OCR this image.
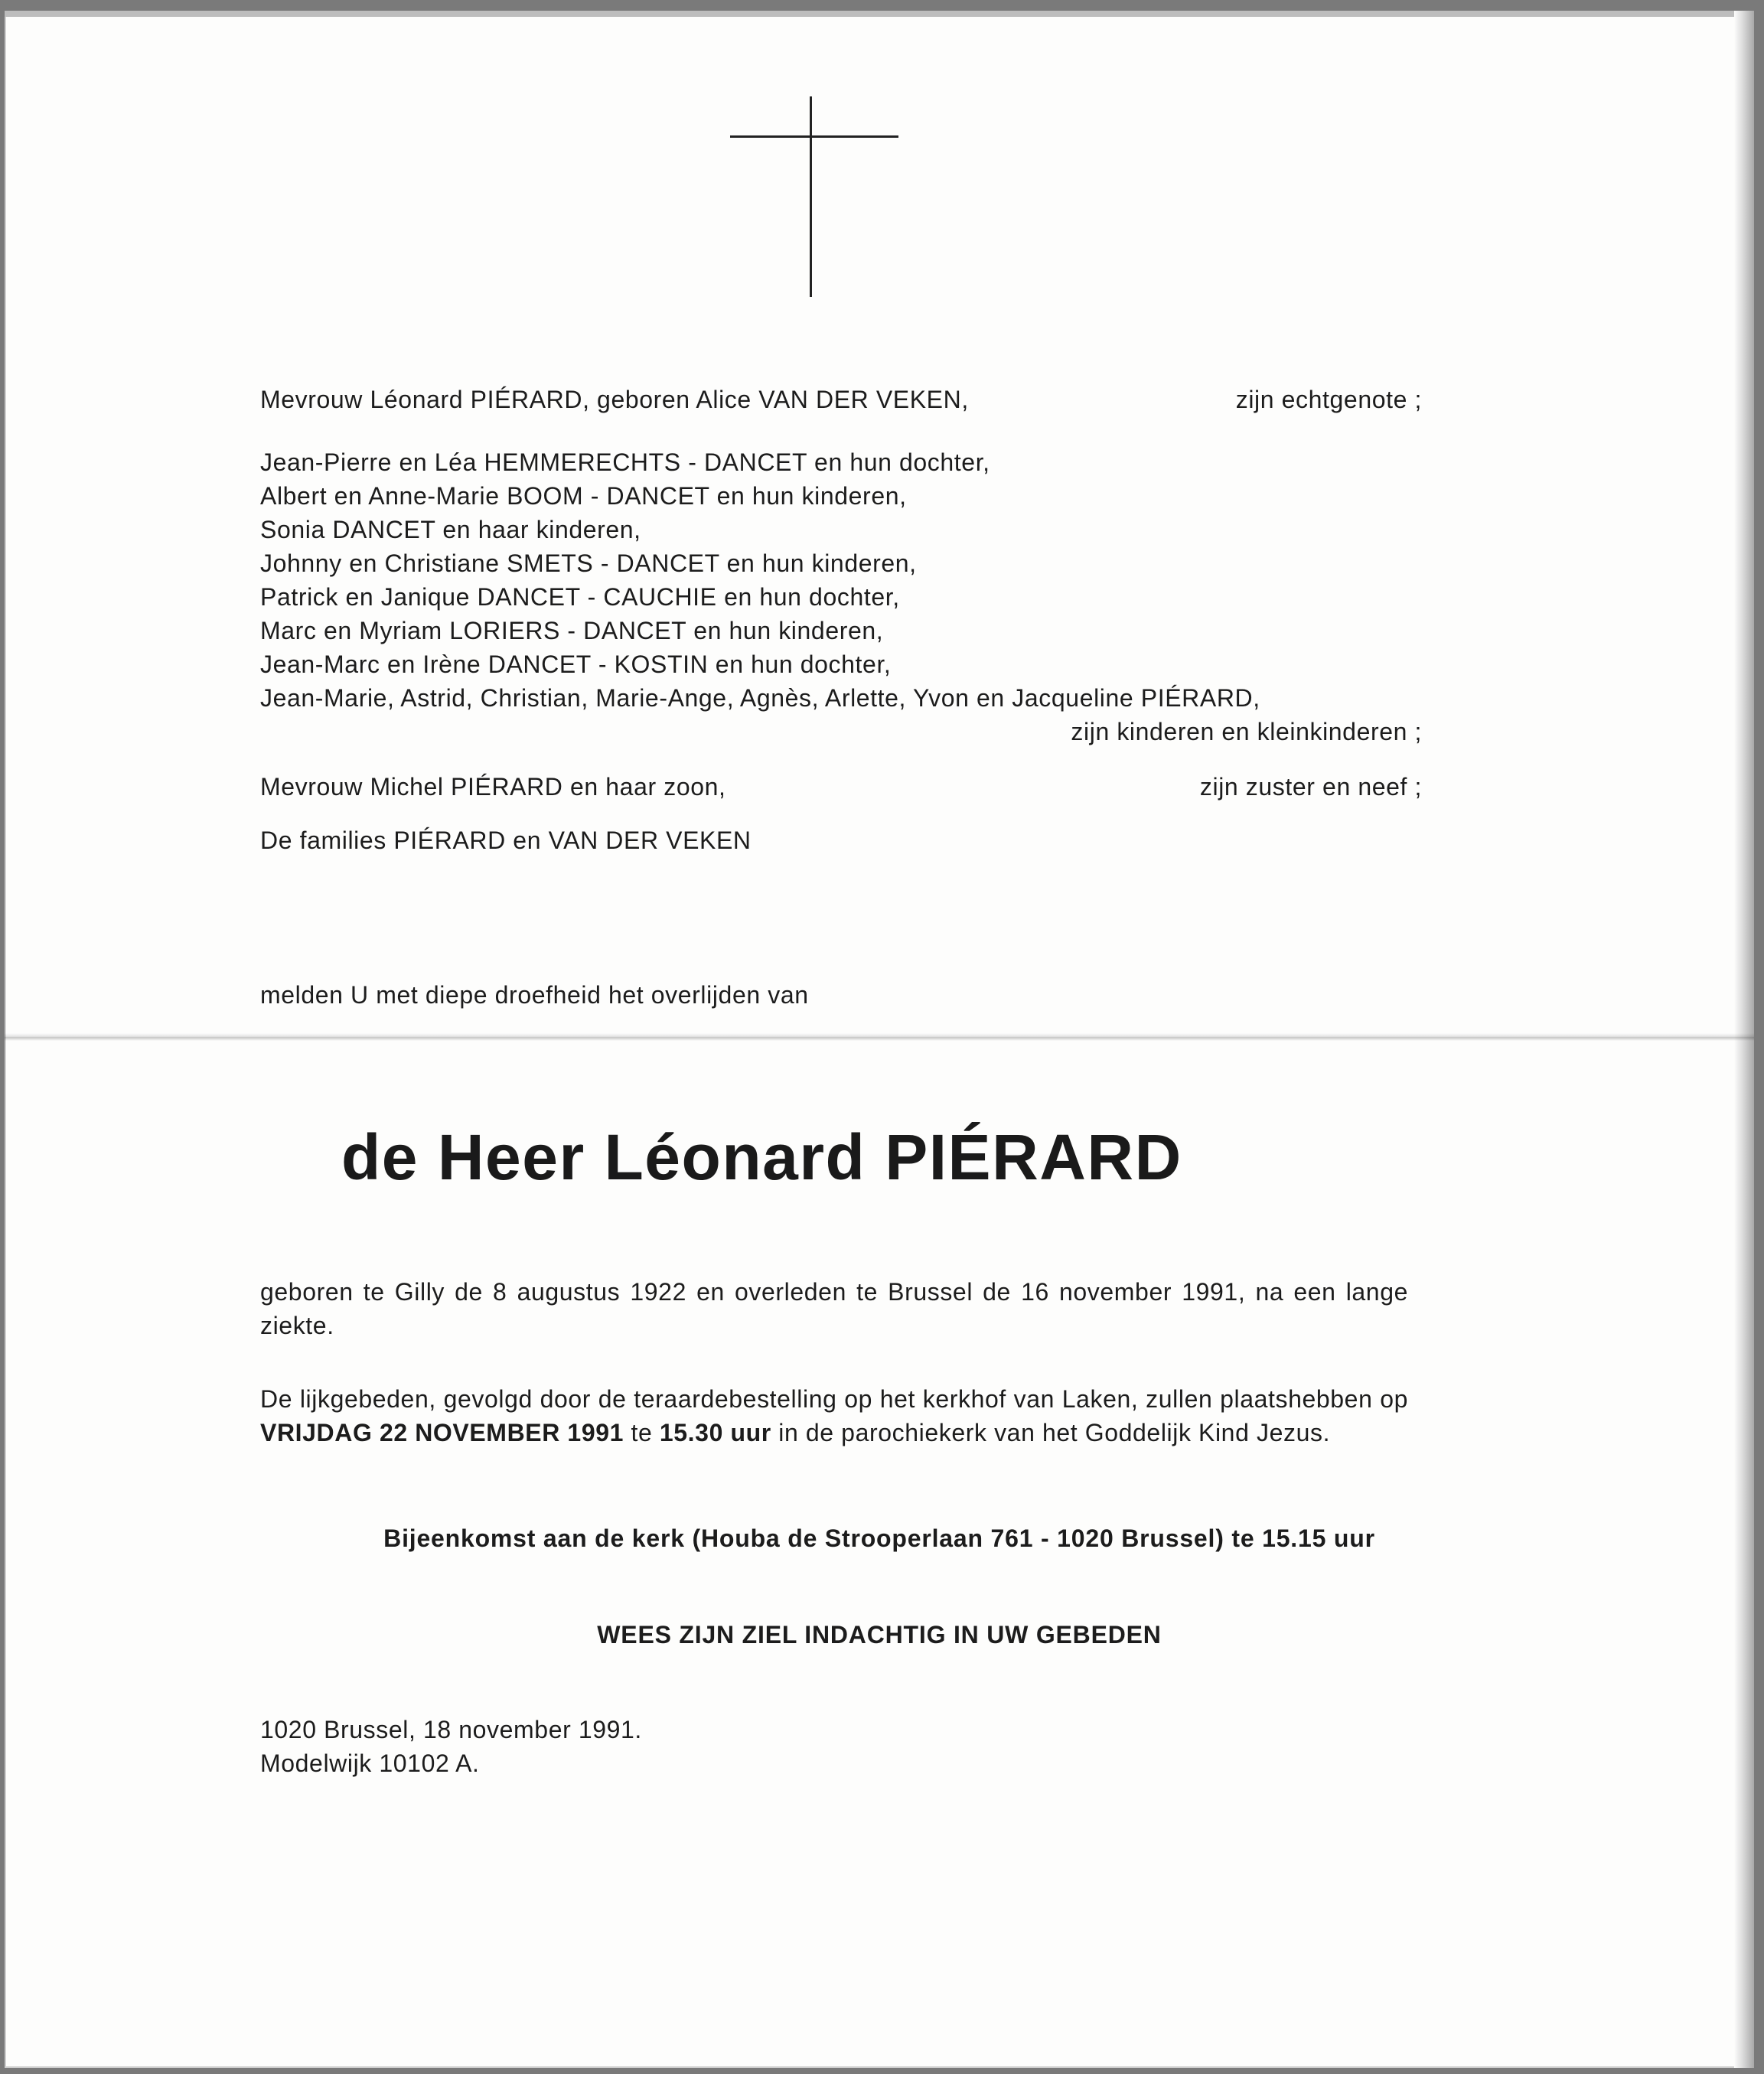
Mevrouw Léonard PIÉRARD, geboren Alice VAN DER VEKEN,	zijn echtgenote ;
Jean-Pierre en Léa HEMMERECHTS - DANCET en hun dochter,
Albert en Anne-Marie BOOM - DANCET en hun kinderen,
Sonia DANCET en haar kinderen,
Johnny en Christiane SMETS - DANCET en hun kinderen,
Patrick en Janique DANCET - CAUCHIE en hun dochter,
Marc en Myriam LORIERS - DANCET en hun kinderen,
Jean-Marc en Irène DANCET - KOSTIN en hun dochter,
Jean-Marie, Astrid, Christian, Marie-Ange, Agnès, Arlette, Yvon en Jacqueline PIÉRARD,
zijn kinderen en kleinkinderen ;
Mevrouw Michel PIÉRARD en haar zoon,	zijn zuster en neef ;
De families PIÉRARD en VAN DER VEKEN
melden U met diepe droefheid het overlijden van
de Heer Léonard PIÉRARD
geboren te Gilly de 8 augustus 1922 en overleden te Brussel de 16 november 1991, na een lange ziekte.
De lijkgebeden, gevolgd door de teraardebestelling op het kerkhof van Laken, zullen plaatshebben op VRIJDAG 22 NOVEMBER 1991 te 15.30 uur in de parochiekerk van het Goddelijk Kind Jezus.
Bijeenkomst aan de kerk (Houba de Strooperlaan 761 - 1020 Brussel) te 15.15 uur
WEES ZIJN ZIEL INDACHTIG IN UW GEBEDEN
1020 Brussel, 18 november 1991.
Modelwijk 10102 A.
